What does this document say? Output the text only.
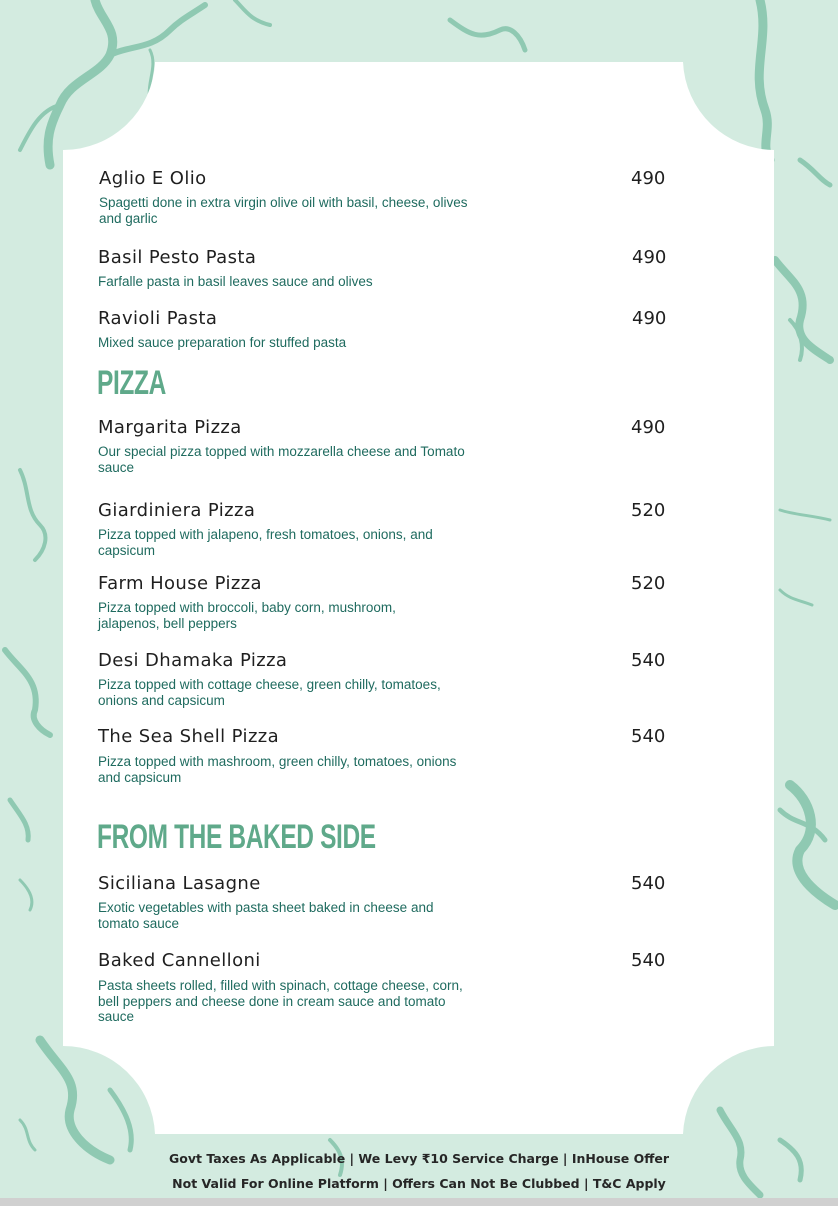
Aglio E Olio	490
Spagetti done in extra virgin olive oil with basil, cheese, olives and garlic
Basil Pesto Pasta	490
Farfalle pasta in basil leaves sauce and olives
Ravioli Pasta	490
Mixed sauce preparation for stuffed pasta
PIZZA
Margarita Pizza	490
Our special pizza topped with mozzarella cheese and Tomato sauce
Giardiniera Pizza	520
Pizza topped with jalapeno, fresh tomatoes, onions, and capsicum
Farm House Pizza	520
Pizza topped with broccoli, baby corn, mushroom, jalapenos, bell peppers
Desi Dhamaka Pizza	540
Pizza topped with cottage cheese, green chilly, tomatoes, onions and capsicum
The Sea Shell Pizza	540
Pizza topped with mashroom, green chilly, tomatoes, onions and capsicum
FROM THE BAKED SIDE
Siciliana Lasagne	540
Exotic vegetables with pasta sheet baked in cheese and tomato sauce
Baked Cannelloni	540
Pasta sheets rolled, filled with spinach, cottage cheese, corn, bell peppers and cheese done in cream sauce and tomato sauce
Govt Taxes As Applicable | We Levy ₹10 Service Charge | InHouse Offer
Not Valid For Online Platform | Offers Can Not Be Clubbed | T&C Apply
